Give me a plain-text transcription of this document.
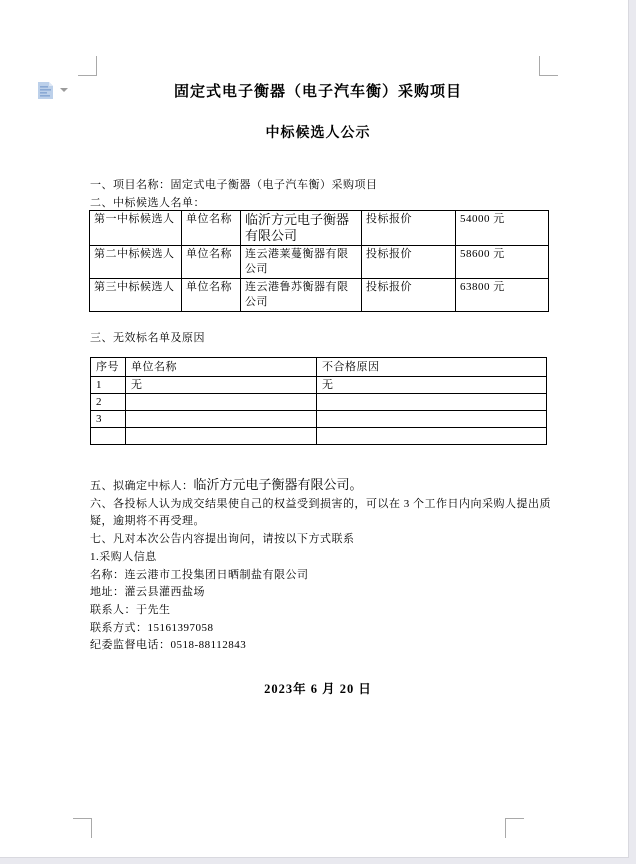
固定式电子衡器（电子汽车衡）采购项目
中标候选人公示
一、项目名称：固定式电子衡器（电子汽车衡）采购项目
二、中标候选人名单：
第一中标候选人	单位名称	临沂方元电子衡器有限公司	投标报价	54000 元
第二中标候选人	单位名称	连云港莱蔓衡器有限公司	投标报价	58600 元
第三中标候选人	单位名称	连云港鲁苏衡器有限公司	投标报价	63800 元
三、无效标名单及原因
序号	单位名称	不合格原因
1	无	无
2		
3		

五、拟确定中标人：临沂方元电子衡器有限公司。
六、各投标人认为成交结果使自己的权益受到损害的，可以在 3 个工作日内向采购人提出质
疑，逾期将不再受理。
七、凡对本次公告内容提出询问，请按以下方式联系
1.采购人信息
名称：连云港市工投集团日晒制盐有限公司
地址：灌云县灌西盐场
联系人：于先生
联系方式：15161397058
纪委监督电话：0518-88112843
2023年 6 月 20 日
